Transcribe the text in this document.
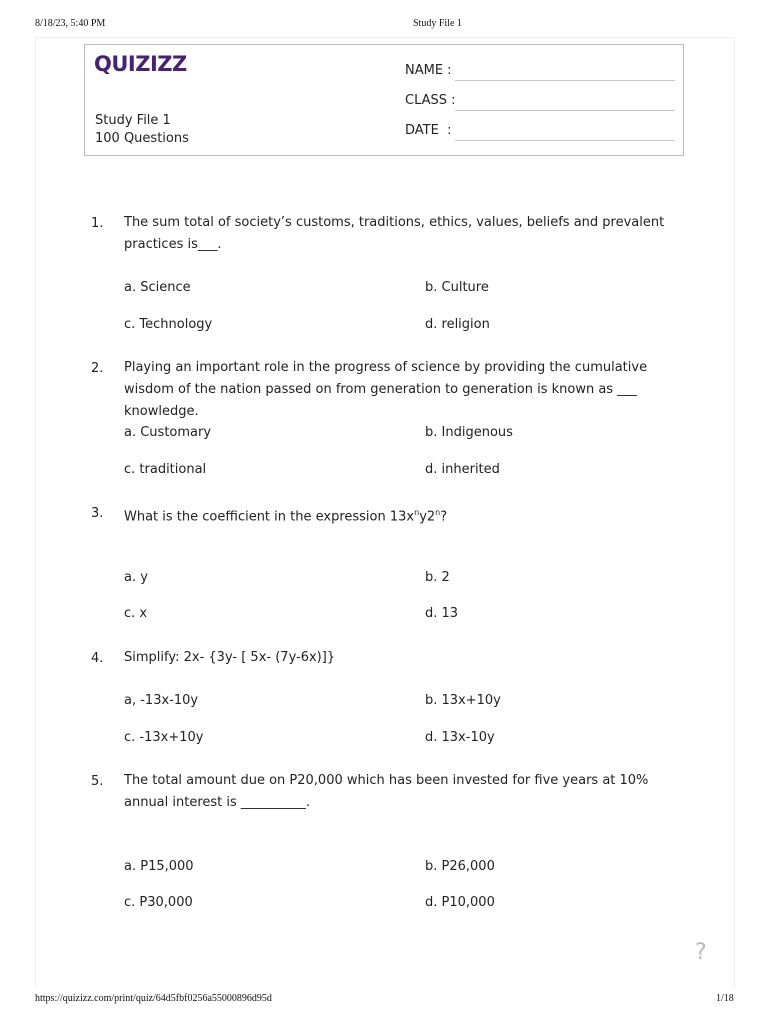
8/18/23, 5:40 PM	Study File 1
QUIZIZZ
Study File 1
100 Questions
NAME :
CLASS :
DATE  :
1. The sum total of society’s customs, traditions, ethics, values, beliefs and prevalent practices is___.
a. Science	b. Culture
c. Technology	d. religion
2. Playing an important role in the progress of science by providing the cumulative wisdom of the nation passed on from generation to generation is known as ___ knowledge.
a. Customary	b. Indigenous
c. traditional	d. inherited
3. What is the coefficient in the expression $13x^ny2^n$?
a. y	b. 2
c. x	d. 13
4. Simplify: 2x- {3y- [ 5x- (7y-6x)]}
a, -13x-10y	b. 13x+10y
c. -13x+10y	d. 13x-10y
5. The total amount due on P20,000 which has been invested for five years at 10% annual interest is __________.
a. P15,000	b. P26,000
c. P30,000	d. P10,000
?
https://quizizz.com/print/quiz/64d5fbf0256a55000896d95d	1/18
